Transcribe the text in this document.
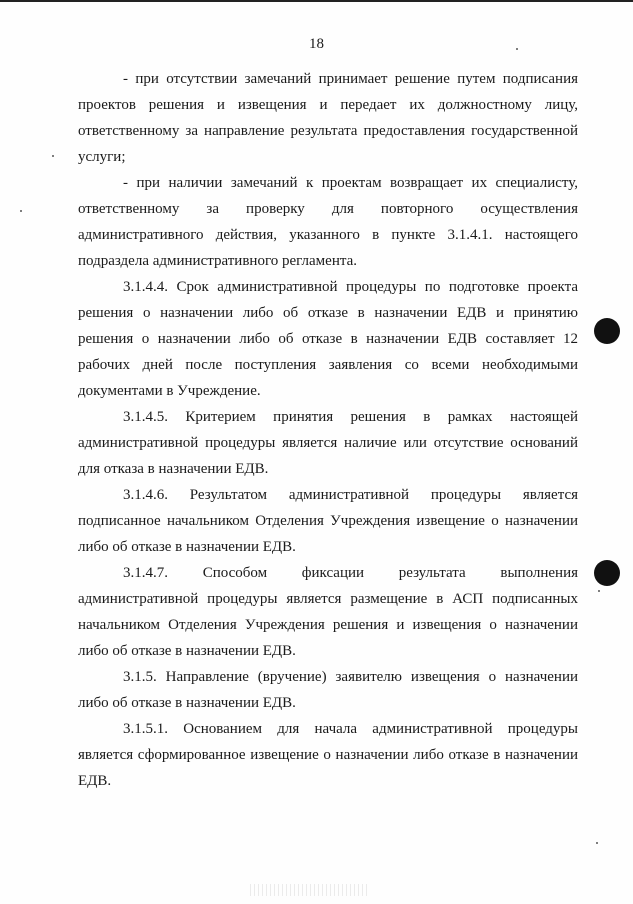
18

- при отсутствии замечаний принимает решение путем подписания проектов решения и извещения и передает их должностному лицу, ответственному за направление результата предоставления государственной услуги;

- при наличии замечаний к проектам возвращает их специалисту, ответственному за проверку для повторного осуществления административного действия, указанного в пункте 3.1.4.1. настоящего подраздела административного регламента.

3.1.4.4. Срок административной процедуры по подготовке проекта решения о назначении либо об отказе в назначении ЕДВ и принятию решения о назначении либо об отказе в назначении ЕДВ составляет 12 рабочих дней после поступления заявления со всеми необходимыми документами в Учреждение.

3.1.4.5. Критерием принятия решения в рамках настоящей административной процедуры является наличие или отсутствие оснований для отказа в назначении ЕДВ.

3.1.4.6. Результатом административной процедуры является подписанное начальником Отделения Учреждения извещение о назначении либо об отказе в назначении ЕДВ.

3.1.4.7. Способом фиксации результата выполнения административной процедуры является размещение в АСП подписанных начальником Отделения Учреждения решения и извещения о назначении либо об отказе в назначении ЕДВ.

3.1.5. Направление (вручение) заявителю извещения о назначении либо об отказе в назначении ЕДВ.

3.1.5.1. Основанием для начала административной процедуры является сформированное извещение о назначении либо отказе в назначении ЕДВ.
